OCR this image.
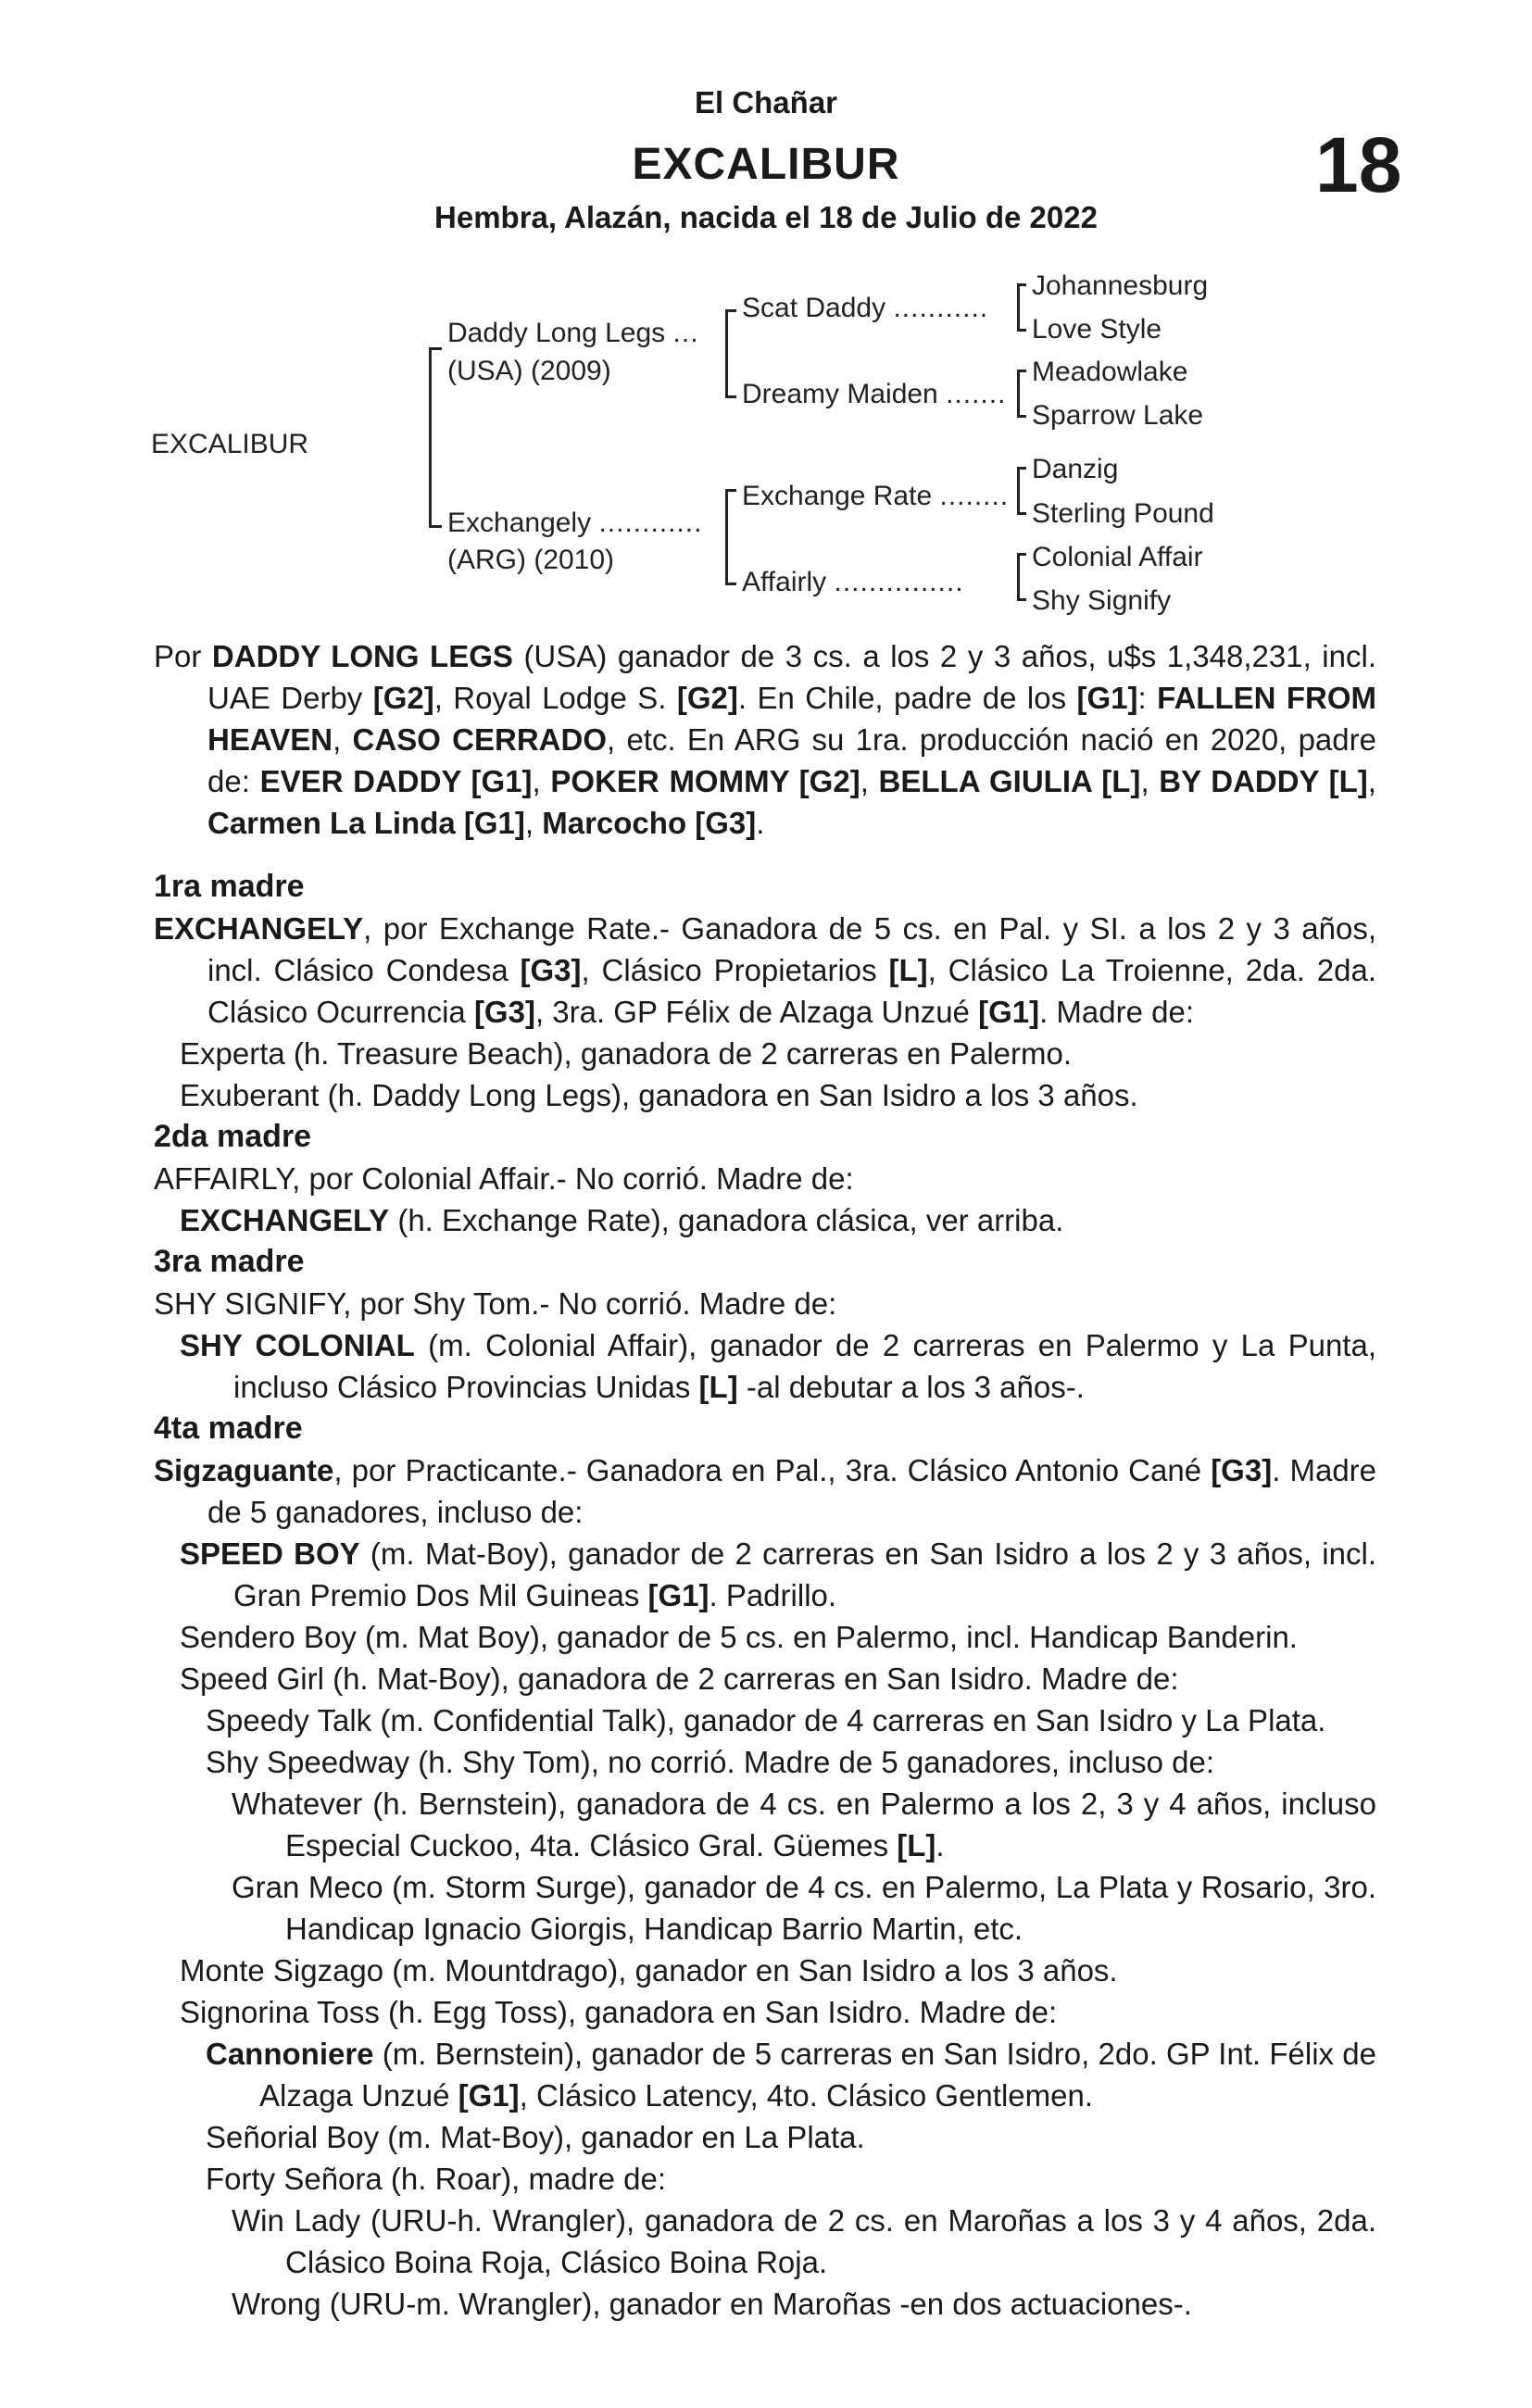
El Chañar
EXCALIBUR	18
Hembra, Alazán, nacida el 18 de Julio de 2022
EXCALIBUR
Daddy Long Legs ...
(USA) (2009)
Exchangely ............
(ARG) (2010)
Scat Daddy ...........
Dreamy Maiden .......
Exchange Rate ........
Affairly ...............
Johannesburg
Love Style
Meadowlake
Sparrow Lake
Danzig
Sterling Pound
Colonial Affair
Shy Signify
Por DADDY LONG LEGS (USA) ganador de 3 cs. a los 2 y 3 años, u$s 1,348,231, incl. UAE Derby [G2], Royal Lodge S. [G2]. En Chile, padre de los [G1]: FALLEN FROM HEAVEN, CASO CERRADO, etc. En ARG su 1ra. producción nació en 2020, padre de: EVER DADDY [G1], POKER MOMMY [G2], BELLA GIULIA [L], BY DADDY [L], Carmen La Linda [G1], Marcocho [G3].
1ra madre
EXCHANGELY, por Exchange Rate.- Ganadora de 5 cs. en Pal. y SI. a los 2 y 3 años, incl. Clásico Condesa [G3], Clásico Propietarios [L], Clásico La Troienne, 2da. 2da. Clásico Ocurrencia [G3], 3ra. GP Félix de Alzaga Unzué [G1]. Madre de:
Experta (h. Treasure Beach), ganadora de 2 carreras en Palermo.
Exuberant (h. Daddy Long Legs), ganadora en San Isidro a los 3 años.
2da madre
AFFAIRLY, por Colonial Affair.- No corrió. Madre de:
EXCHANGELY (h. Exchange Rate), ganadora clásica, ver arriba.
3ra madre
SHY SIGNIFY, por Shy Tom.- No corrió. Madre de:
SHY COLONIAL (m. Colonial Affair), ganador de 2 carreras en Palermo y La Punta, incluso Clásico Provincias Unidas [L] -al debutar a los 3 años-.
4ta madre
Sigzaguante, por Practicante.- Ganadora en Pal., 3ra. Clásico Antonio Cané [G3]. Madre de 5 ganadores, incluso de:
SPEED BOY (m. Mat-Boy), ganador de 2 carreras en San Isidro a los 2 y 3 años, incl. Gran Premio Dos Mil Guineas [G1]. Padrillo.
Sendero Boy (m. Mat Boy), ganador de 5 cs. en Palermo, incl. Handicap Banderin.
Speed Girl (h. Mat-Boy), ganadora de 2 carreras en San Isidro. Madre de:
Speedy Talk (m. Confidential Talk), ganador de 4 carreras en San Isidro y La Plata.
Shy Speedway (h. Shy Tom), no corrió. Madre de 5 ganadores, incluso de:
Whatever (h. Bernstein), ganadora de 4 cs. en Palermo a los 2, 3 y 4 años, incluso Especial Cuckoo, 4ta. Clásico Gral. Güemes [L].
Gran Meco (m. Storm Surge), ganador de 4 cs. en Palermo, La Plata y Rosario, 3ro. Handicap Ignacio Giorgis, Handicap Barrio Martin, etc.
Monte Sigzago (m. Mountdrago), ganador en San Isidro a los 3 años.
Signorina Toss (h. Egg Toss), ganadora en San Isidro. Madre de:
Cannoniere (m. Bernstein), ganador de 5 carreras en San Isidro, 2do. GP Int. Félix de Alzaga Unzué [G1], Clásico Latency, 4to. Clásico Gentlemen.
Señorial Boy (m. Mat-Boy), ganador en La Plata.
Forty Señora (h. Roar), madre de:
Win Lady (URU-h. Wrangler), ganadora de 2 cs. en Maroñas a los 3 y 4 años, 2da. Clásico Boina Roja, Clásico Boina Roja.
Wrong (URU-m. Wrangler), ganador en Maroñas -en dos actuaciones-.
